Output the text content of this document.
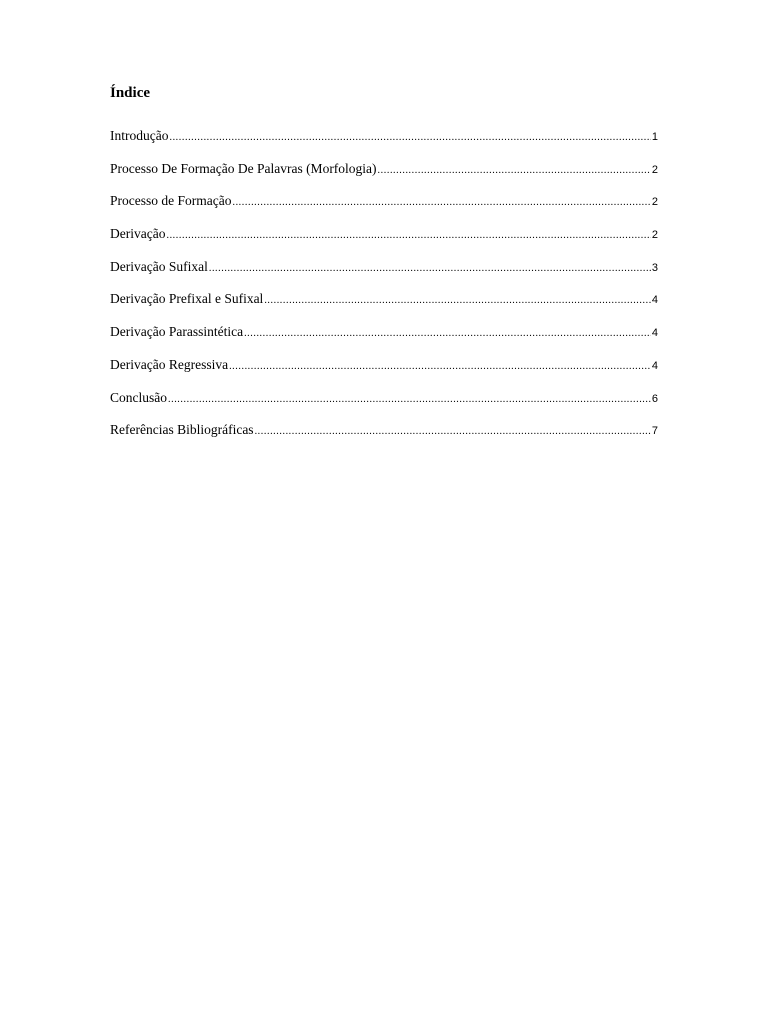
Índice
Introdução .....	1
Processo De Formação De Palavras (Morfologia) .....	2
Processo de Formação .....	2
Derivação .....	2
Derivação Sufixal .....	3
Derivação Prefixal e Sufixal .....	4
Derivação Parassintética .....	4
Derivação Regressiva .....	4
Conclusão .....	6
Referências Bibliográficas .....	7
